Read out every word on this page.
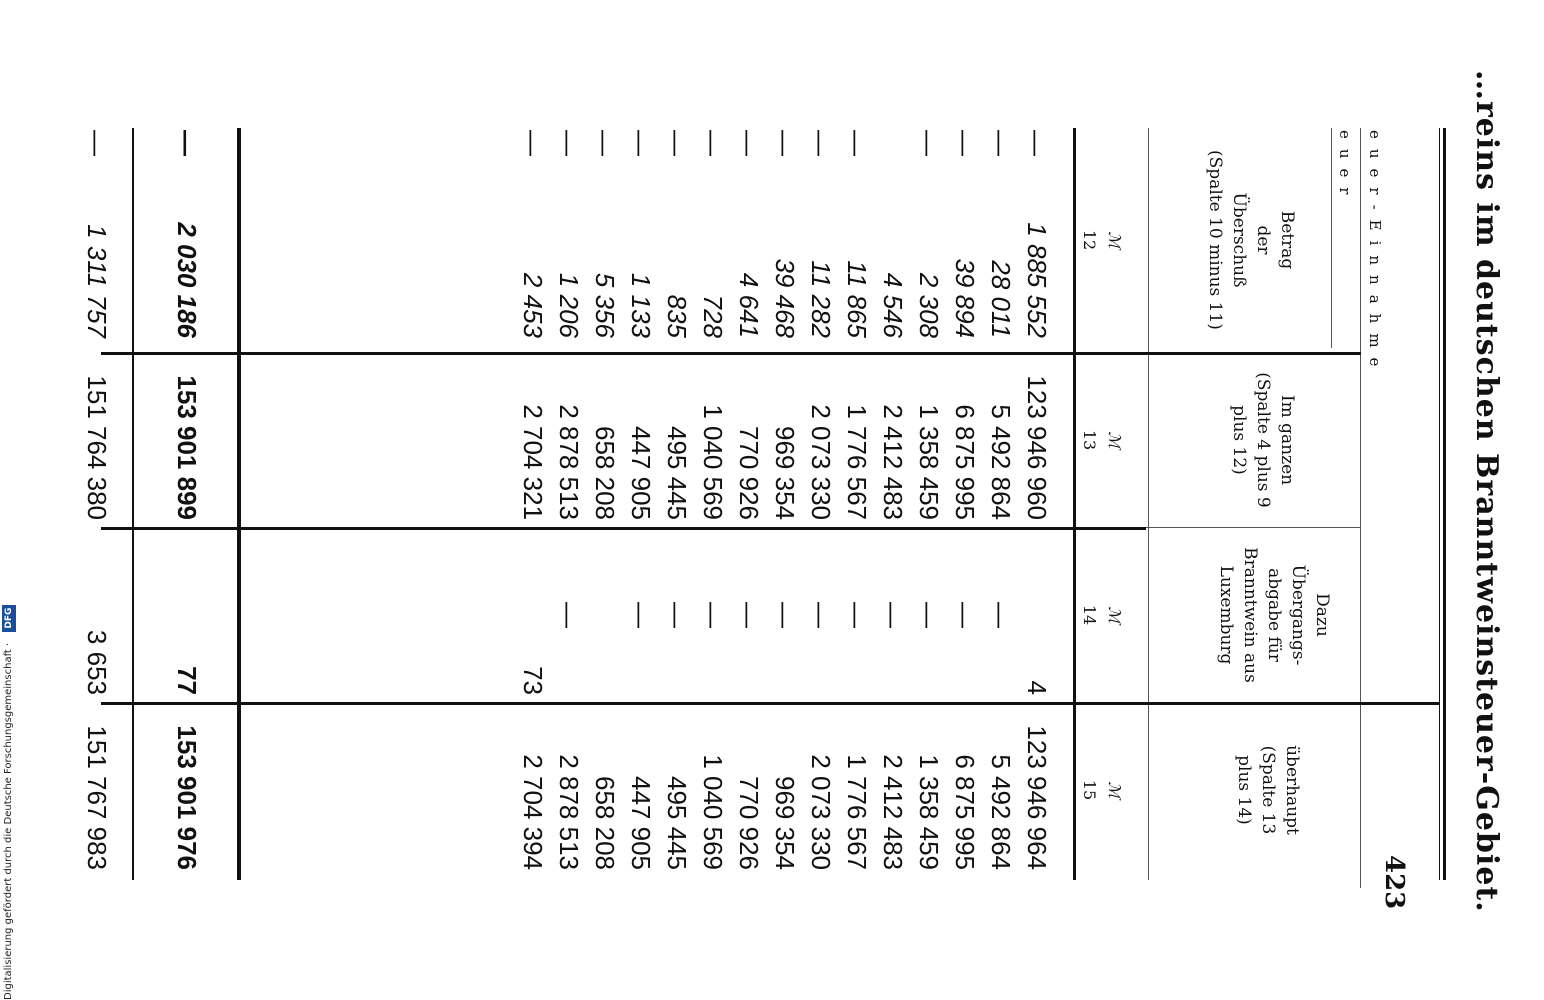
…reins im deutschen Branntweinsteuer-Gebiet.
423
euer-Einnahme
euer
Betrag
der
Überschuß
(Spalte 10 minus 11)
Im ganzen
(Spalte 4 plus 9
plus 12)
Dazu
Übergangs-
abgabe für
Branntwein aus
Luxemburg
überhaupt
(Spalte 13
plus 14)
ℳ
ℳ
ℳ
ℳ
12
13
14
15
—
1 885 552
123 946 960
4
123 946 964
—
28 011
5 492 864
—
5 492 864
—
39 894
6 875 995
—
6 875 995
—
2 308
1 358 459
—
1 358 459
4 546
2 412 483
—
2 412 483
—
11 865
1 776 567
—
1 776 567
—
11 282
2 073 330
—
2 073 330
—
39 468
969 354
—
969 354
—
4 641
770 926
—
770 926
—
728
1 040 569
—
1 040 569
—
835
495 445
—
495 445
—
1 133
447 905
—
447 905
—
5 356
658 208
658 208
—
1 206
2 878 513
—
2 878 513
—
2 453
2 704 321
73
2 704 394
—
2 030 186
153 901 899
77
153 901 976
—
1 311 757
151 764 380
3 653
151 767 983
Digitalisierung gefördert durch die Deutsche Forschungsgemeinschaft · DFG
